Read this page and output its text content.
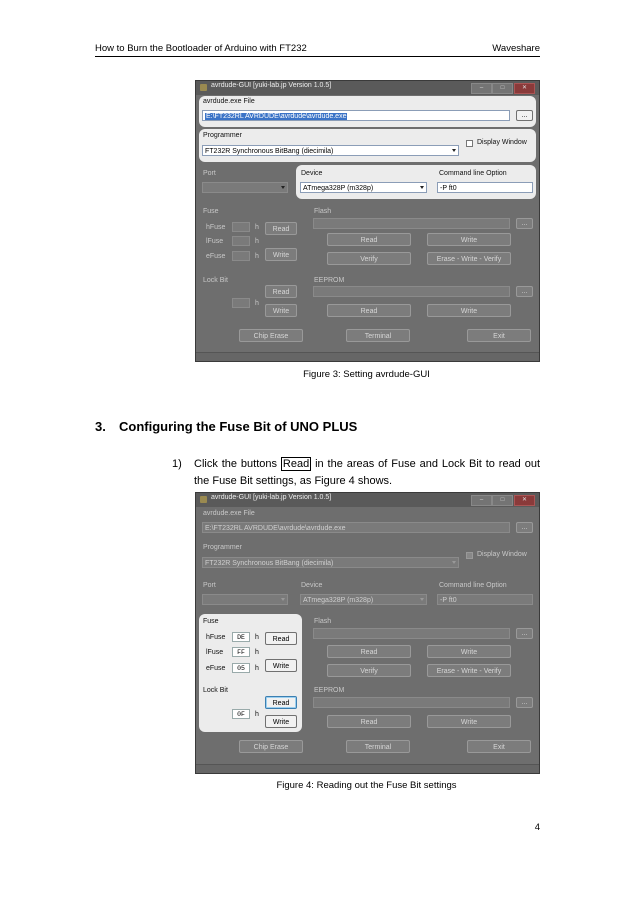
How to Burn the Bootloader of Arduino with FT232	Waveshare
avrdude-GUI [yuki-lab.jp Version 1.0.5]	–	□	✕
avrdude.exe File
E:\FT232RL AVRDUDE\avrdude\avrdude.exe	...
Programmer
FT232R Synchronous BitBang (diecimila)
Display Window
Port	Device
ATmega328P (m328p)
Command line Option
-P ft0
Fuse
hFuse	h	Read
lFuse	h
eFuse	h	Write
Flash
...
Read	Write
Verify	Erase - Write - Verify
Lock Bit
Read
h
Write
EEPROM
...
Read	Write
Chip Erase	Terminal	Exit
Figure 3: Setting avrdude-GUI
3. Configuring the Fuse Bit of UNO PLUS
1) Click the buttons Read in the areas of Fuse and Lock Bit to read out the Fuse Bit settings, as Figure 4 shows.
avrdude-GUI [yuki-lab.jp Version 1.0.5]	–	□	✕
avrdude.exe File
E:\FT232RL AVRDUDE\avrdude\avrdude.exe	...
Programmer
FT232R Synchronous BitBang (diecimila)
Display Window
Port	Device
ATmega328P (m328p)
Command line Option
-P ft0
Fuse
hFuse	DE	h	Read
lFuse	FF	h
eFuse	05	h	Write
Flash
...
Read	Write
Verify	Erase - Write - Verify
Lock Bit
Read
0F	h
Write
EEPROM
...
Read	Write
Chip Erase	Terminal	Exit
Figure 4: Reading out the Fuse Bit settings
4
